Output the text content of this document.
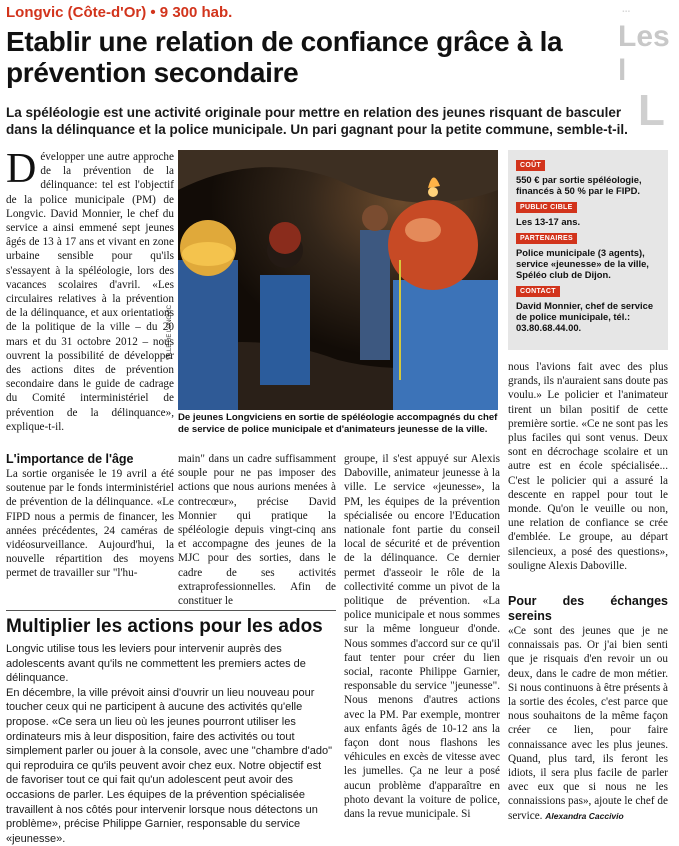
Longvic (Côte-d'Or) • 9 300 hab.
Etablir une relation de confiance grâce à la prévention secondaire
La spéléologie est une activité originale pour mettre en relation des jeunes risquant de basculer dans la délinquance et la police municipale. Un pari gagnant pour la petite commune, semble-t-il.
...
Les l
L
Développer une autre approche de la prévention de la délinquance: tel est l'objectif de la police municipale (PM) de Longvic. David Monnier, le chef du service a ainsi emmené sept jeunes âgés de 13 à 17 ans et vivant en zone urbaine sensible pour qu'ils s'essayent à la spéléologie, lors des vacances scolaires d'avril. «Les circulaires relatives à la prévention de la délinquance, et aux orientations de la politique de la ville – du 20 mars et du 31 octobre 2012 – nous ouvrent la possibilité de développer des actions dites de prévention secondaire dans le guide de cadrage du Comité interministériel de prévention de la délinquance», explique-t-il.
VILLE DE LONGVIC
De jeunes Longviciens en sortie de spéléologie accompagnés du chef de service de police municipale et d'animateurs jeunesse de la ville.
COÛT
550 € par sortie spéléologie, financés à 50 % par le FIPD.
PUBLIC CIBLE
Les 13-17 ans.
PARTENAIRES
Police municipale (3 agents), service «jeunesse» de la ville, Spéléo club de Dijon.
CONTACT
David Monnier, chef de service de police municipale, tél.: 03.80.68.44.00.
nous l'avions fait avec des plus grands, ils n'auraient sans doute pas voulu.» Le policier et l'animateur tirent un bilan positif de cette première sortie. «Ce ne sont pas les plus faciles qui sont venus. Deux sont en décrochage scolaire et un autre est en école spécialisée... C'est le policier qui a assuré la descente en rappel pour tout le monde. Qu'on le veuille ou non, une relation de confiance se crée d'emblée. Le groupe, au départ silencieux, a posé des questions», souligne Alexis Daboville.
L'importance de l'âge
La sortie organisée le 19 avril a été soutenue par le fonds interministériel de prévention de la délinquance. «Le FIPD nous a permis de financer, les années précédentes, 24 caméras de vidéosurveillance. Aujourd'hui, la nouvelle répartition des moyens permet de travailler sur "l'hu-
main" dans un cadre suffisamment souple pour ne pas imposer des actions que nous aurions menées à contrecœur», précise David Monnier qui pratique la spéléologie depuis vingt-cinq ans et accompagne des jeunes de la MJC pour des sorties, dans le cadre de ses activités extraprofessionnelles. Afin de constituer le
groupe, il s'est appuyé sur Alexis Daboville, animateur jeunesse à la ville. Le service «jeunesse», la PM, les équipes de la prévention spécialisée ou encore l'Education nationale font partie du conseil local de sécurité et de prévention de la délinquance. Ce dernier permet d'asseoir le rôle de la collectivité comme un pivot de la politique de prévention. «La police municipale et nous sommes sur la même longueur d'onde. Nous sommes d'accord sur ce qu'il faut tenter pour créer du lien social, raconte Philippe Garnier, responsable du service "jeunesse". Nous menons d'autres actions avec la PM. Par exemple, montrer aux enfants âgés de 10-12 ans la façon dont nous flashons les véhicules en excès de vitesse avec les jumelles. Ça ne leur a posé aucun problème d'apparaître en photo devant la voiture de police, dans la revue municipale. Si
Pour des échanges sereins
«Ce sont des jeunes que je ne connaissais pas. Or j'ai bien senti que je risquais d'en revoir un ou deux, dans le cadre de mon métier. Si nous continuons à être présents à la sortie des écoles, c'est parce que nous souhaitons de la même façon créer ce lien, pour faire connaissance avec les plus jeunes. Quand, plus tard, ils feront les idiots, il sera plus facile de parler avec eux que si nous ne les connaissions pas», ajoute le chef de service. Alexandra Caccivio
Multiplier les actions pour les ados

Longvic utilise tous les leviers pour intervenir auprès des adolescents avant qu'ils ne commettent les premiers actes de délinquance.

En décembre, la ville prévoit ainsi d'ouvrir un lieu nouveau pour toucher ceux qui ne participent à aucune des activités qu'elle propose. «Ce sera un lieu où les jeunes pourront utiliser les ordinateurs mis à leur disposition, faire des activités ou tout simplement parler ou jouer à la console, avec une "chambre d'ado" qui reproduira ce qu'ils peuvent avoir chez eux. Notre objectif est de favoriser tout ce qui fait qu'un adolescent peut avoir des occasions de parler. Les équipes de la prévention spécialisée travaillent à nos côtés pour intervenir lorsque nous détectons un problème», précise Philippe Garnier, responsable du service «jeunesse».
